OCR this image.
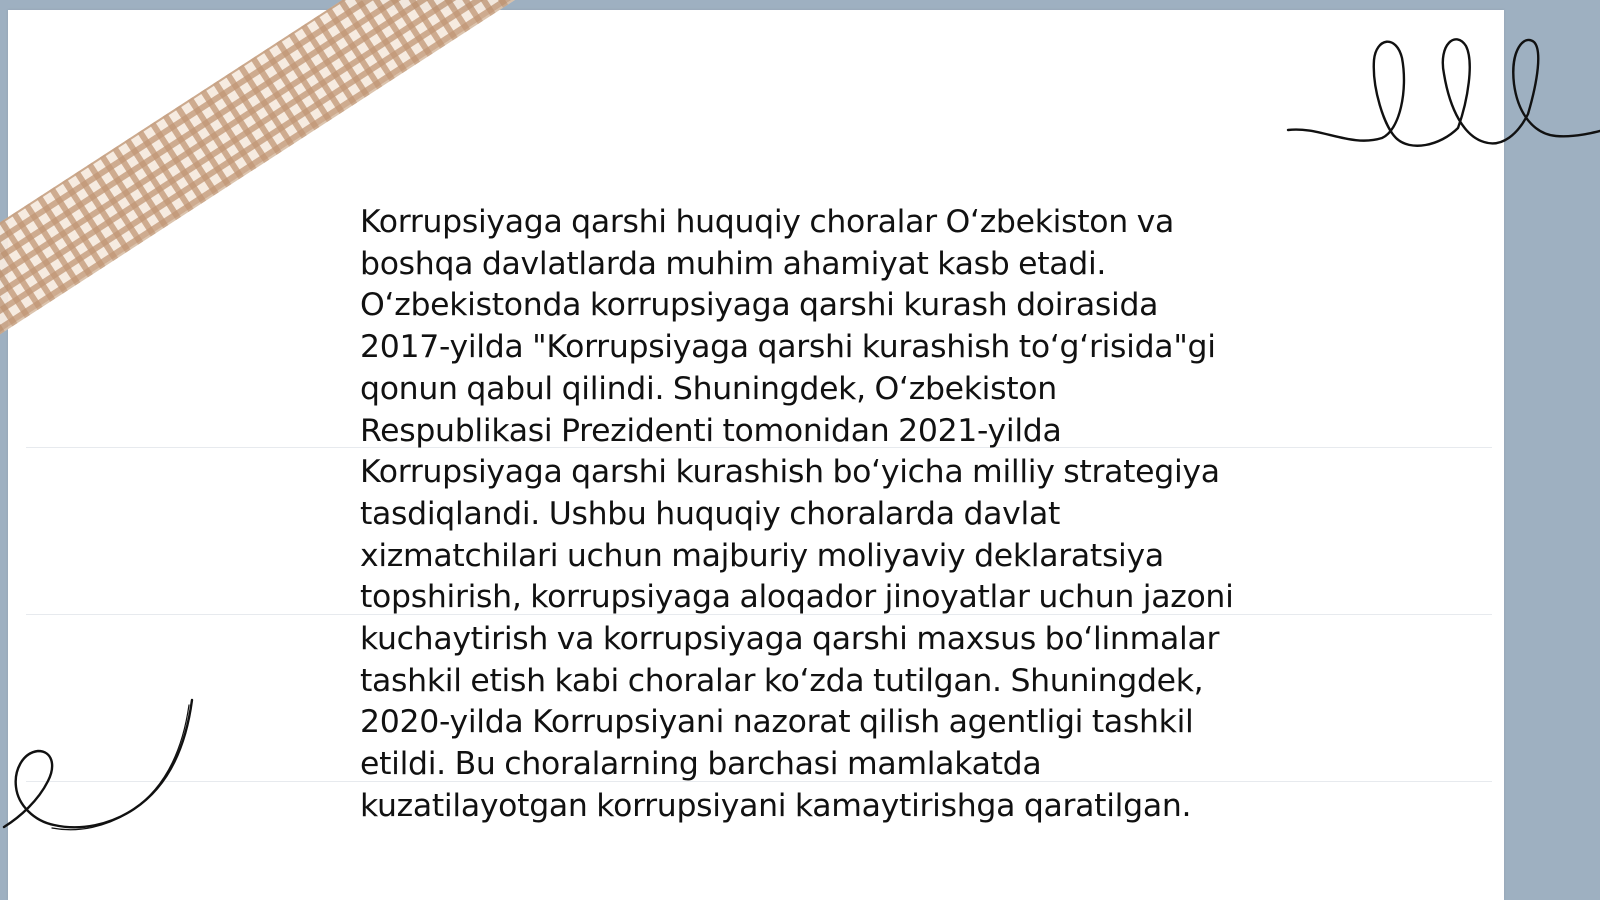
Korrupsiyaga qarshi huquqiy choralar O‘zbekiston va boshqa davlatlarda muhim ahamiyat kasb etadi. O‘zbekistonda korrupsiyaga qarshi kurash doirasida 2017-yilda "Korrupsiyaga qarshi kurashish to‘g‘risida"gi qonun qabul qilindi. Shuningdek, O‘zbekiston Respublikasi Prezidenti tomonidan 2021-yilda Korrupsiyaga qarshi kurashish bo‘yicha milliy strategiya tasdiqlandi. Ushbu huquqiy choralarda davlat xizmatchilari uchun majburiy moliyaviy deklaratsiya topshirish, korrupsiyaga aloqador jinoyatlar uchun jazoni kuchaytirish va korrupsiyaga qarshi maxsus bo‘linmalar tashkil etish kabi choralar ko‘zda tutilgan. Shuningdek, 2020-yilda Korrupsiyani nazorat qilish agentligi tashkil etildi. Bu choralarning barchasi mamlakatda kuzatilayotgan korrupsiyani kamaytirishga qaratilgan.
